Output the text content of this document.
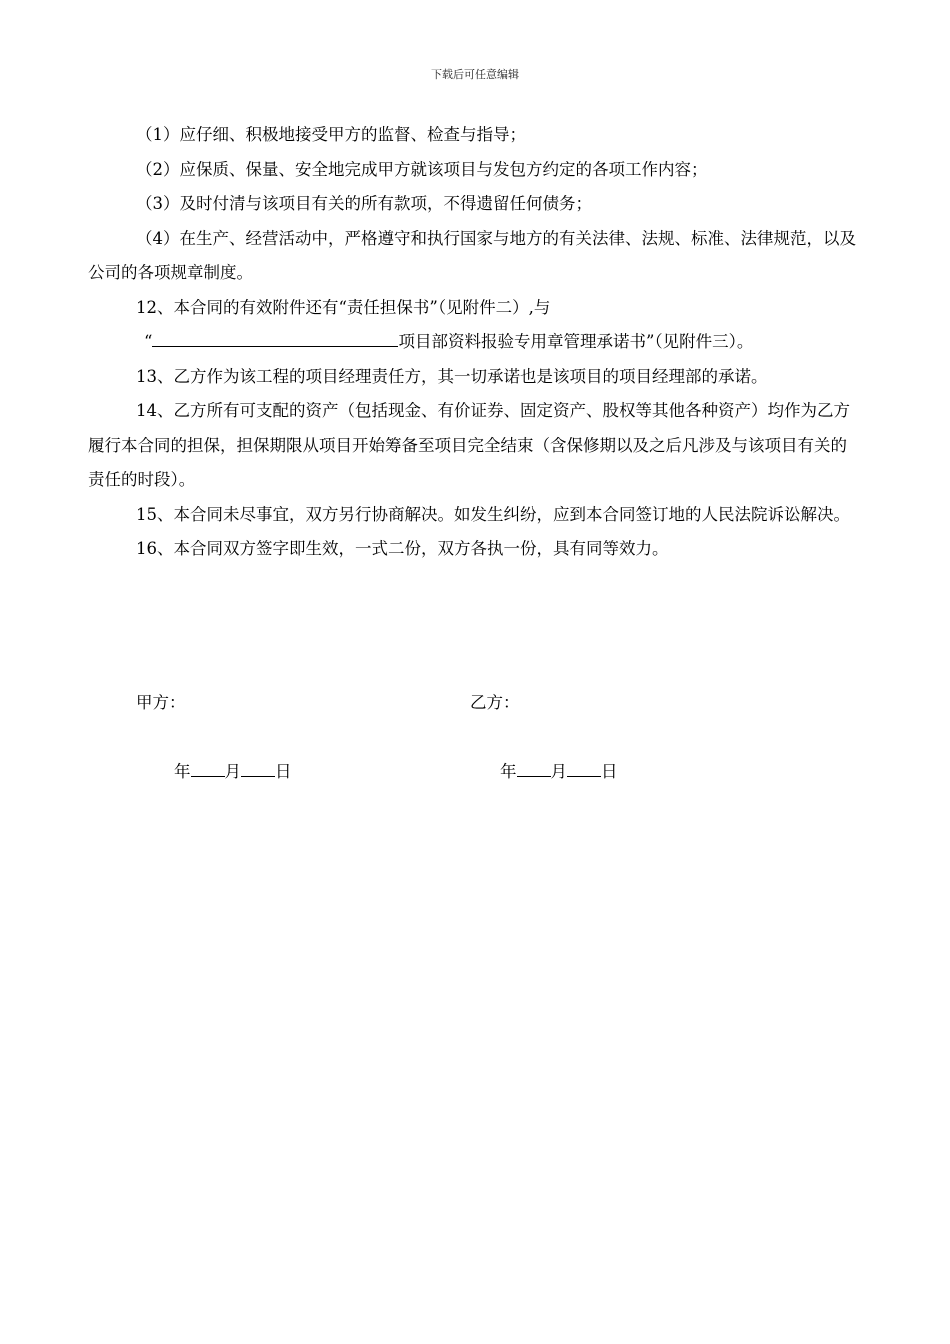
下载后可任意编辑

（1）应仔细、积极地接受甲方的监督、检查与指导；

（2）应保质、保量、安全地完成甲方就该项目与发包方约定的各项工作内容；

（3）及时付清与该项目有关的所有款项，不得遗留任何债务；

（4）在生产、经营活动中，严格遵守和执行国家与地方的有关法律、法规、标准、法律规范，以及公司的各项规章制度。

12、本合同的有效附件还有“责任担保书”（见附件二）,与

“	项目部资料报验专用章管理承诺书”（见附件三）。

13、乙方作为该工程的项目经理责任方，其一切承诺也是该项目的项目经理部的承诺。

14、乙方所有可支配的资产（包括现金、有价证券、固定资产、股权等其他各种资产）均作为乙方履行本合同的担保，担保期限从项目开始筹备至项目完全结束（含保修期以及之后凡涉及与该项目有关的责任的时段）。

15、本合同未尽事宜，双方另行协商解决。如发生纠纷，应到本合同签订地的人民法院诉讼解决。

16、本合同双方签字即生效，一式二份，双方各执一份，具有同等效力。

甲方：	乙方：
年 月 日	年 月 日
